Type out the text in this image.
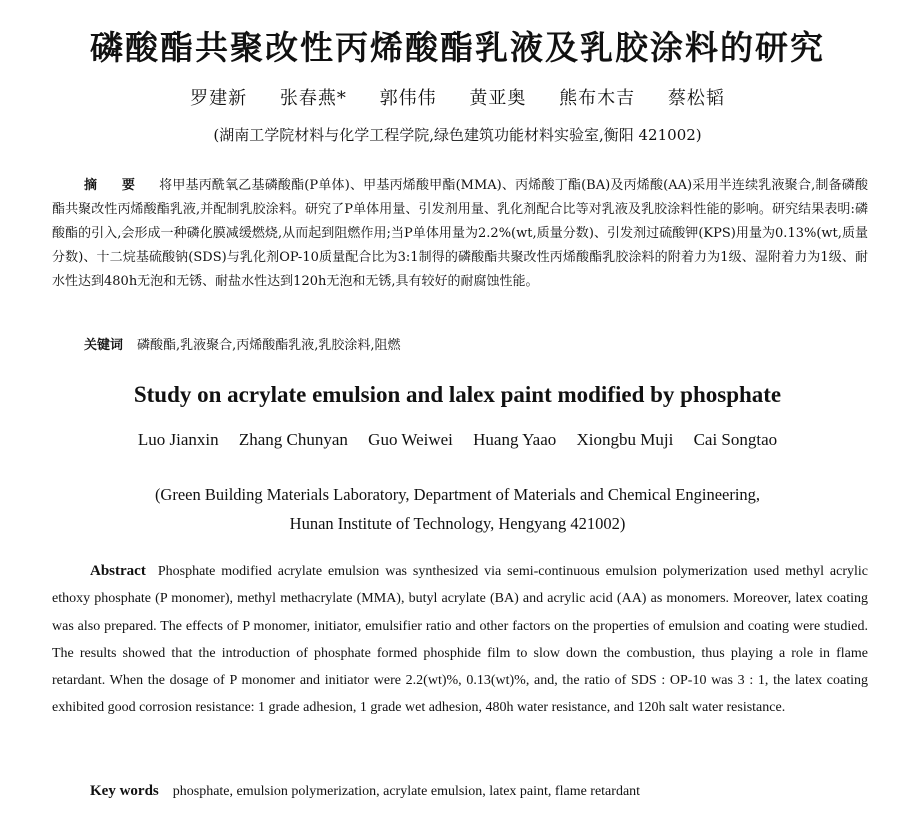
磷酸酯共聚改性丙烯酸酯乳液及乳胶涂料的研究
罗建新 张春燕* 郭伟伟 黄亚奥 熊布木吉 蔡松韬
(湖南工学院材料与化学工程学院,绿色建筑功能材料实验室,衡阳 421002)
摘 要 将甲基丙酰氧乙基磷酸酯(P单体)、甲基丙烯酸甲酯(MMA)、丙烯酸丁酯(BA)及丙烯酸(AA)采用半连续乳液聚合,制备磷酸酯共聚改性丙烯酸酯乳液,并配制乳胶涂料。研究了P单体用量、引发剂用量、乳化剂配合比等对乳液及乳胶涂料性能的影响。研究结果表明:磷酸酯的引入,会形成一种磷化膜减缓燃烧,从而起到阻燃作用;当P单体用量为2.2%(wt,质量分数)、引发剂过硫酸钾(KPS)用量为0.13%(wt,质量分数)、十二烷基硫酸钠(SDS)与乳化剂OP-10质量配合比为3:1制得的磷酸酯共聚改性丙烯酸酯乳胶涂料的附着力为1级、湿附着力为1级、耐水性达到480h无泡和无锈、耐盐水性达到120h无泡和无锈,具有较好的耐腐蚀性能。
关键词 磷酸酯,乳液聚合,丙烯酸酯乳液,乳胶涂料,阻燃
Study on acrylate emulsion and lalex paint modified by phosphate
Luo Jianxin Zhang Chunyan Guo Weiwei Huang Yaao Xiongbu Muji Cai Songtao
(Green Building Materials Laboratory, Department of Materials and Chemical Engineering,
Hunan Institute of Technology, Hengyang 421002)
Abstract Phosphate modified acrylate emulsion was synthesized via semi-continuous emulsion polymerization used methyl acrylic ethoxy phosphate (P monomer), methyl methacrylate (MMA), butyl acrylate (BA) and acrylic acid (AA) as monomers. Moreover, latex coating was also prepared. The effects of P monomer, initiator, emulsifier ratio and other factors on the properties of emulsion and coating were studied. The results showed that the introduction of phosphate formed phosphide film to slow down the combustion, thus playing a role in flame retardant. When the dosage of P monomer and initiator were 2.2(wt)%, 0.13(wt)%, and, the ratio of SDS : OP-10 was 3 : 1, the latex coating exhibited good corrosion resistance: 1 grade adhesion, 1 grade wet adhesion, 480h water resistance, and 120h salt water resistance.
Key words phosphate, emulsion polymerization, acrylate emulsion, latex paint, flame retardant
